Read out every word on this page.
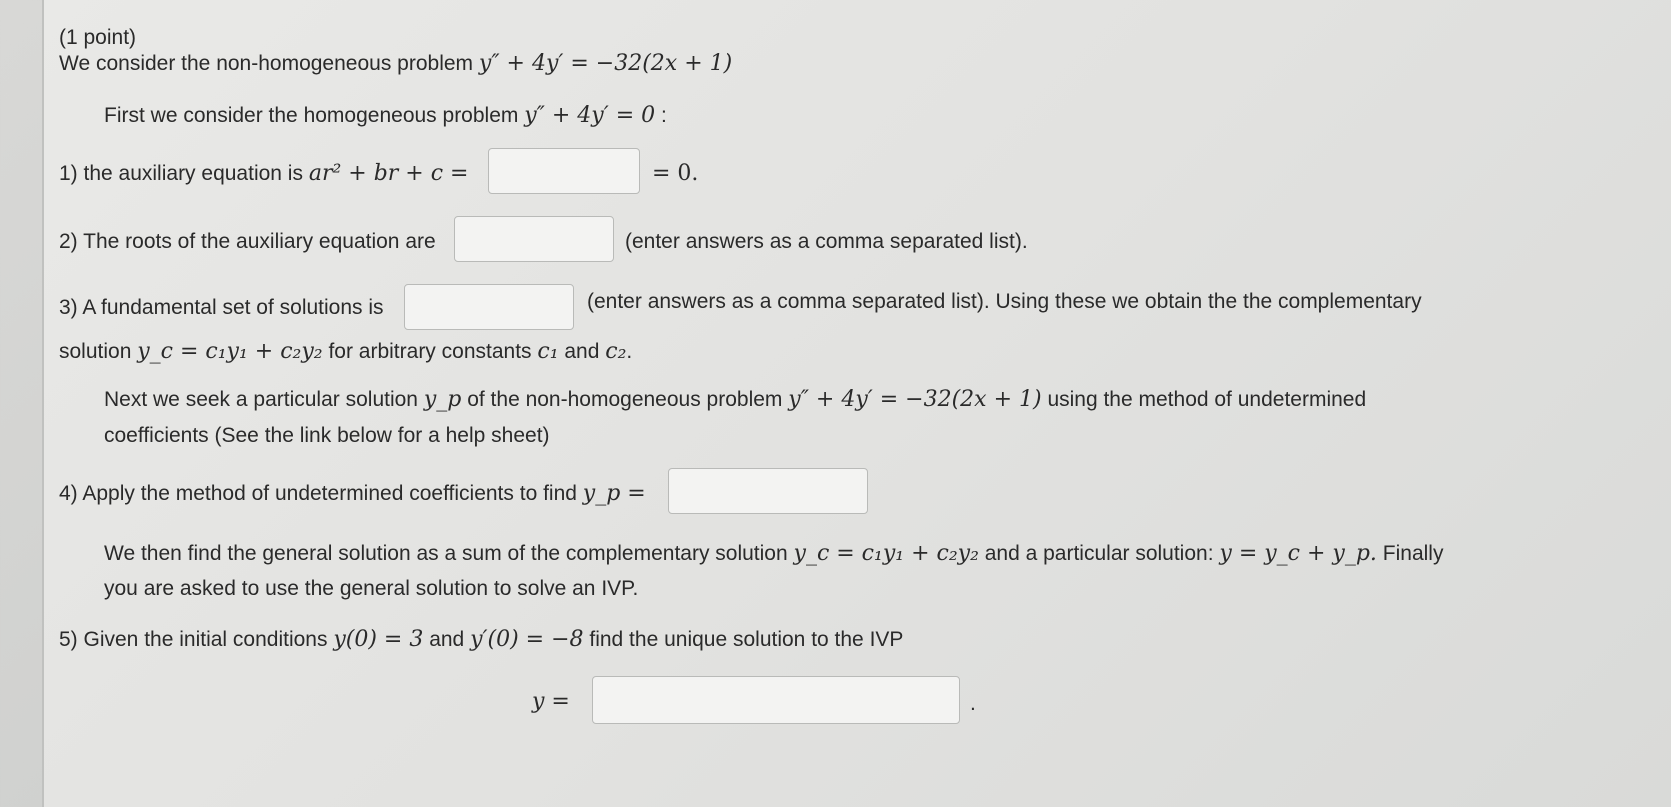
(1 point)
We consider the non-homogeneous problem y″ + 4y′ = −32(2x + 1)
First we consider the homogeneous problem y″ + 4y′ = 0 :
1) the auxiliary equation is ar² + br + c =	= 0.
2) The roots of the auxiliary equation are	(enter answers as a comma separated list).
3) A fundamental set of solutions is	(enter answers as a comma separated list). Using these we obtain the the complementary
solution y_c = c₁y₁ + c₂y₂ for arbitrary constants c₁ and c₂.
Next we seek a particular solution y_p of the non-homogeneous problem y″ + 4y′ = −32(2x + 1) using the method of undetermined
coefficients (See the link below for a help sheet)
4) Apply the method of undetermined coefficients to find y_p =
We then find the general solution as a sum of the complementary solution y_c = c₁y₁ + c₂y₂ and a particular solution: y = y_c + y_p. Finally
you are asked to use the general solution to solve an IVP.
5) Given the initial conditions y(0) = 3 and y′(0) = −8 find the unique solution to the IVP
y =	.
